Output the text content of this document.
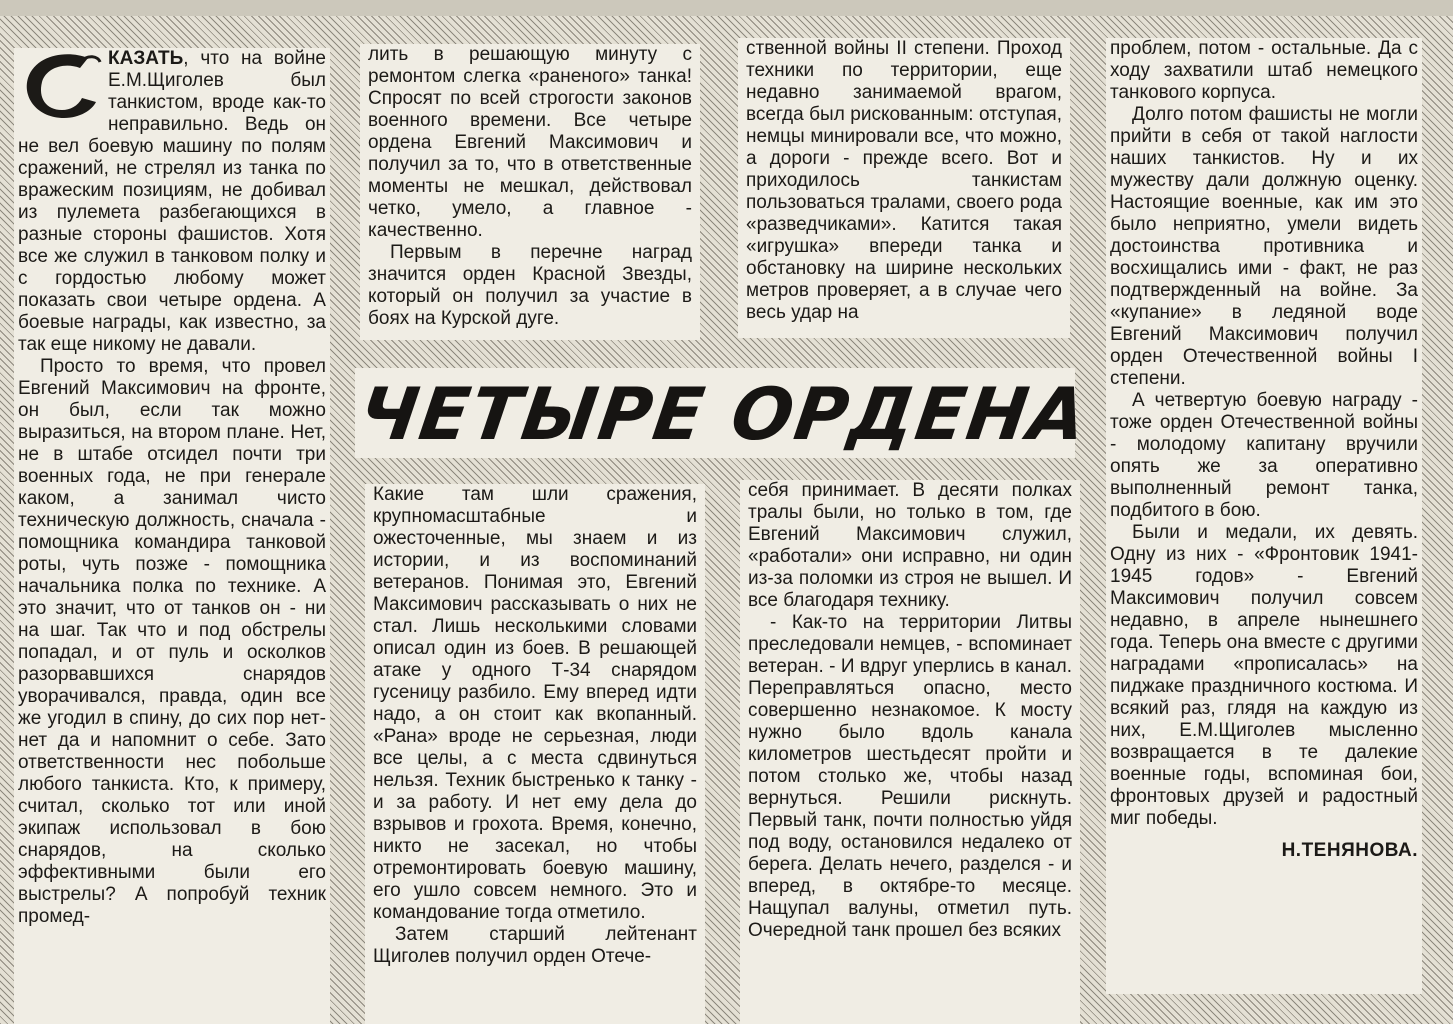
КАЗАТЬ, что на войне Е.М.Щиголев был танкистом, вроде как-то неправильно. Ведь он не вел боевую машину по полям сражений, не стрелял из танка по вражеским позициям, не добивал из пулемета разбегающихся в разные стороны фашистов. Хотя все же служил в танковом полку и с гордостью любому может показать свои четыре ордена. А боевые награды, как известно, за так еще никому не давали.

Просто то время, что провел Евгений Максимович на фронте, он был, если так можно выразиться, на втором плане. Нет, не в штабе отсидел почти три военных года, не при генерале каком, а занимал чисто техническую должность, сначала - помощника командира танковой роты, чуть позже - помощника начальника полка по технике. А это значит, что от танков он - ни на шаг. Так что и под обстрелы попадал, и от пуль и осколков разорвавшихся снарядов уворачивался, правда, один все же угодил в спину, до сих пор нет-нет да и напомнит о себе. Зато ответственности нес побольше любого танкиста. Кто, к примеру, считал, сколько тот или иной экипаж использовал в бою снарядов, на сколько эффективными были его выстрелы? А попробуй техник промед-

лить в решающую минуту с ремонтом слегка «раненого» танка! Спросят по всей строгости законов военного времени. Все четыре ордена Евгений Максимович и получил за то, что в ответственные моменты не мешкал, действовал четко, умело, а главное - качественно.

Первым в перечне наград значится орден Красной Звезды, который он получил за участие в боях на Курской дуге.

ственной войны II степени. Проход техники по территории, еще недавно занимаемой врагом, всегда был рискованным: отступая, немцы минировали все, что можно, а дороги - прежде всего. Вот и приходилось танкистам пользоваться тралами, своего рода «разведчиками». Катится такая «игрушка» впереди танка и обстановку на ширине нескольких метров проверяет, а в случае чего весь удар на

проблем, потом - остальные. Да с ходу захватили штаб немецкого танкового корпуса.

Долго потом фашисты не могли прийти в себя от такой наглости наших танкистов. Ну и их мужеству дали должную оценку. Настоящие военные, как им это было неприятно, умели видеть достоинства противника и восхищались ими - факт, не раз подтвержденный на войне. За «купание» в ледяной воде Евгений Максимович получил орден Отечественной войны I степени.

А четвертую боевую награду - тоже орден Отечественной войны - молодому капитану вручили опять же за оперативно выполненный ремонт танка, подбитого в бою.

Были и медали, их девять. Одну из них - «Фронтовик 1941-1945 годов» - Евгений Максимович получил совсем недавно, в апреле нынешнего года. Теперь она вместе с другими наградами «прописалась» на пиджаке праздничного костюма. И всякий раз, глядя на каждую из них, Е.М.Щиголев мысленно возвращается в те далекие военные годы, вспоминая бои, фронтовых друзей и радостный миг победы.

Н.ТЕНЯНОВА.

ЧЕТЫРЕ ОРДЕНА

Какие там шли сражения, крупномасштабные и ожесточенные, мы знаем и из истории, и из воспоминаний ветеранов. Понимая это, Евгений Максимович рассказывать о них не стал. Лишь несколькими словами описал один из боев. В решающей атаке у одного Т-34 снарядом гусеницу разбило. Ему вперед идти надо, а он стоит как вкопанный. «Рана» вроде не серьезная, люди все целы, а с места сдвинуться нельзя. Техник быстренько к танку - и за работу. И нет ему дела до взрывов и грохота. Время, конечно, никто не засекал, но чтобы отремонтировать боевую машину, его ушло совсем немного. Это и командование тогда отметило.

Затем старший лейтенант Щиголев получил орден Отече-

себя принимает. В десяти полках тралы были, но только в том, где Евгений Максимович служил, «работали» они исправно, ни один из-за поломки из строя не вышел. И все благодаря технику.

- Как-то на территории Литвы преследовали немцев, - вспоминает ветеран. - И вдруг уперлись в канал. Переправляться опасно, место совершенно незнакомое. К мосту нужно было вдоль канала километров шестьдесят пройти и потом столько же, чтобы назад вернуться. Решили рискнуть. Первый танк, почти полностью уйдя под воду, остановился недалеко от берега. Делать нечего, разделся - и вперед, в октябре-то месяце. Нащупал валуны, отметил путь. Очередной танк прошел без всяких
